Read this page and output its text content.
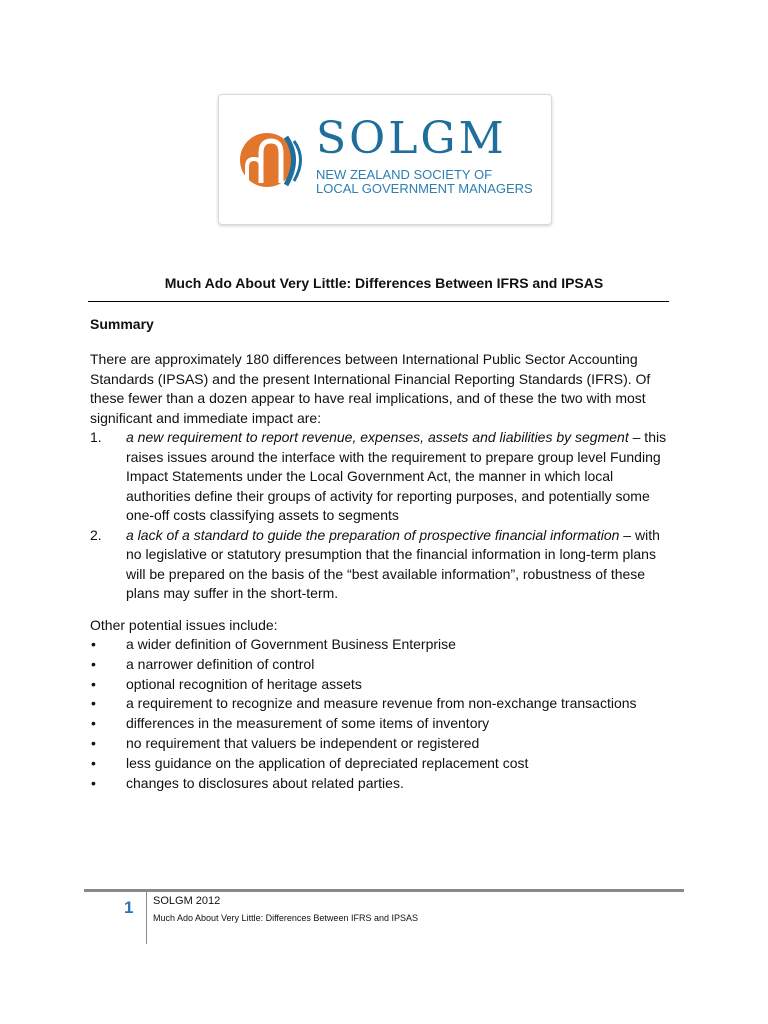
SOLGM
NEW ZEALAND SOCIETY OF
LOCAL GOVERNMENT MANAGERS
Much Ado About Very Little: Differences Between IFRS and IPSAS
Summary

There are approximately 180 differences between International Public Sector Accounting Standards (IPSAS) and the present International Financial Reporting Standards (IFRS). Of these fewer than a dozen appear to have real implications, and of these the two with most significant and immediate impact are:

1. a new requirement to report revenue, expenses, assets and liabilities by segment – this raises issues around the interface with the requirement to prepare group level Funding Impact Statements under the Local Government Act, the manner in which local authorities define their groups of activity for reporting purposes, and potentially some one-off costs classifying assets to segments
2. a lack of a standard to guide the preparation of prospective financial information – with no legislative or statutory presumption that the financial information in long-term plans will be prepared on the basis of the “best available information”, robustness of these plans may suffer in the short-term.
Other potential issues include:
• a wider definition of Government Business Enterprise
• a narrower definition of control
• optional recognition of heritage assets
• a requirement to recognize and measure revenue from non-exchange transactions
• differences in the measurement of some items of inventory
• no requirement that valuers be independent or registered
• less guidance on the application of depreciated replacement cost
• changes to disclosures about related parties.
1 SOLGM 2012
Much Ado About Very Little: Differences Between IFRS and IPSAS
